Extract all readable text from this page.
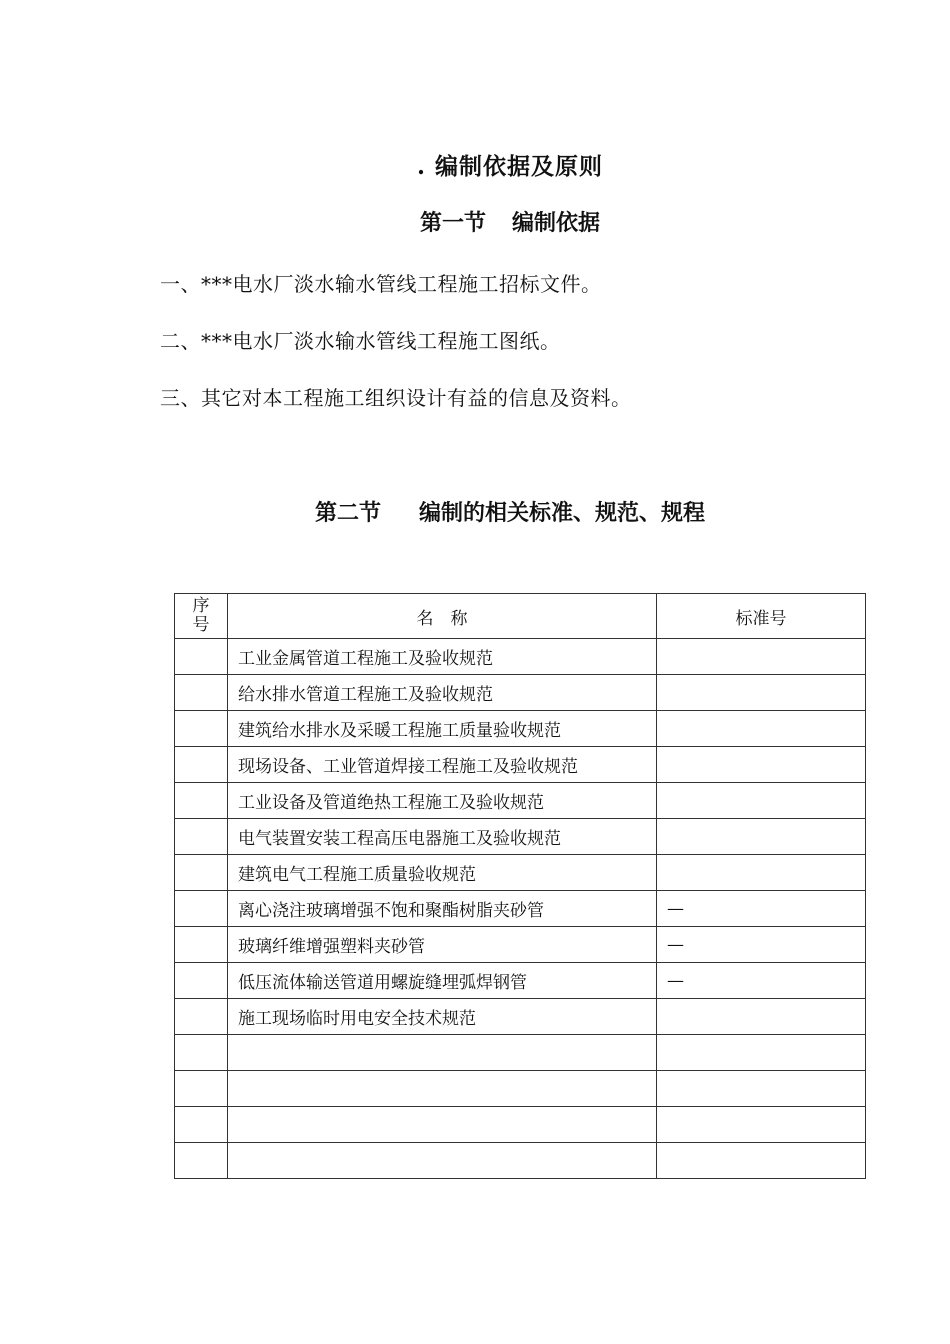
. 编制依据及原则
第一节 编制依据
一、***电水厂淡水输水管线工程施工招标文件。
二、***电水厂淡水输水管线工程施工图纸。
三、其它对本工程施工组织设计有益的信息及资料。
第二节 编制的相关标准、规范、规程
序号	名　称	标准号
	工业金属管道工程施工及验收规范	
	给水排水管道工程施工及验收规范	
	建筑给水排水及采暖工程施工质量验收规范	
	现场设备、工业管道焊接工程施工及验收规范	
	工业设备及管道绝热工程施工及验收规范	
	电气装置安装工程高压电器施工及验收规范	
	建筑电气工程施工质量验收规范	
	离心浇注玻璃增强不饱和聚酯树脂夹砂管	—
	玻璃纤维增强塑料夹砂管	—
	低压流体输送管道用螺旋缝埋弧焊钢管	—
	施工现场临时用电安全技术规范	
